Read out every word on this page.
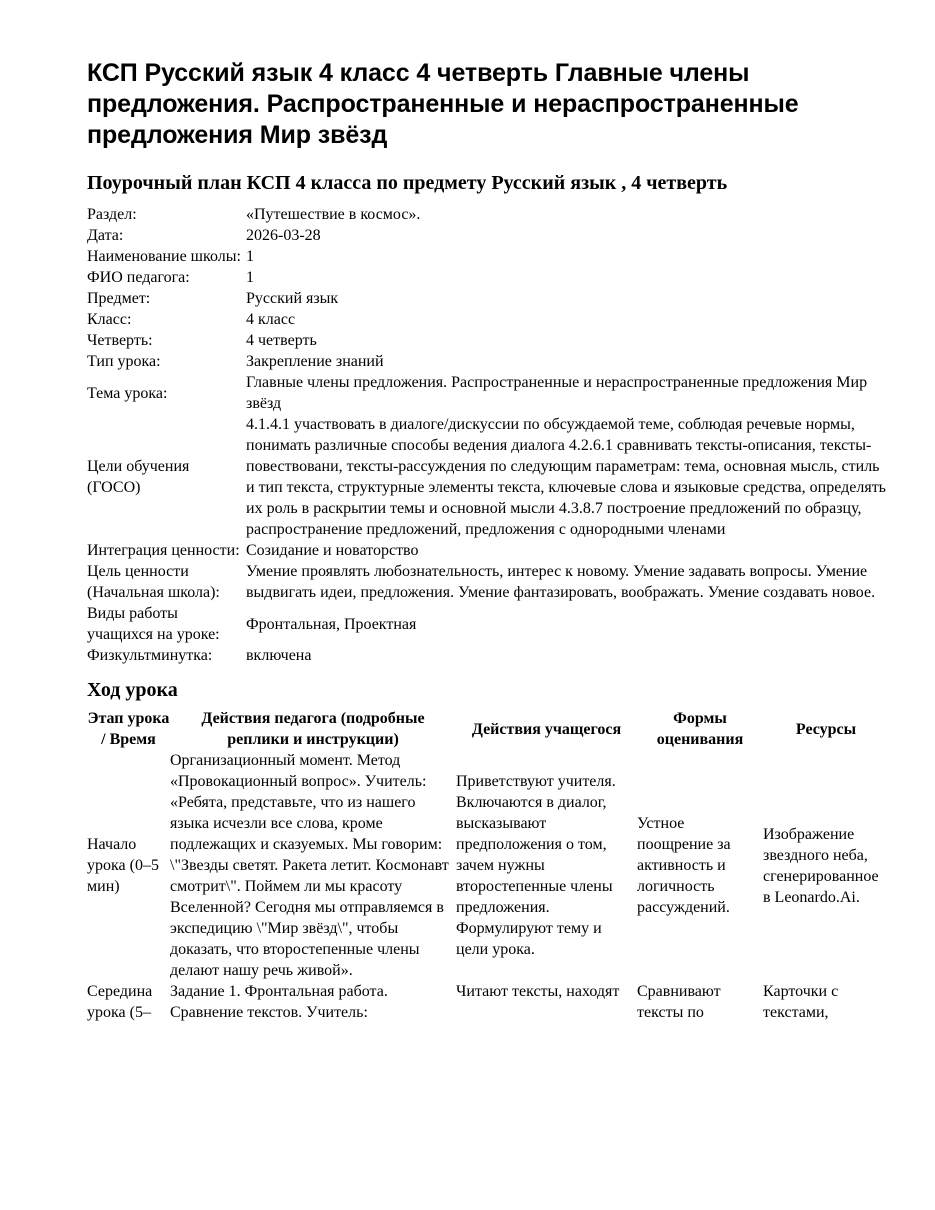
КСП Русский язык 4 класс 4 четверть Главные члены предложения. Распространенные и нераспространенные предложения Мир звёзд
Поурочный план КСП 4 класса по предмету Русский язык , 4 четверть
Раздел:	«Путешествие в космос».
Дата:	2026-03-28
Наименование школы:	1
ФИО педагога:	1
Предмет:	Русский язык
Класс:	4 класс
Четверть:	4 четверть
Тип урока:	Закрепление знаний
Тема урока:	Главные члены предложения. Распространенные и нераспространенные предложения Мир звёзд
Цели обучения (ГОСО)	4.1.4.1 участвовать в диалоге/дискуссии по обсуждаемой теме, соблюдая речевые нормы, понимать различные способы ведения диалога 4.2.6.1 сравнивать тексты-описания, тексты-повествовани, тексты-рассуждения по следующим параметрам: тема, основная мысль, стиль и тип текста, структурные элементы текста, ключевые слова и языковые средства, определять их роль в раскрытии темы и основной мысли 4.3.8.7 построение предложений по образцу, распространение предложений, предложения с однородными членами
Интеграция ценности:	Созидание и новаторство
Цель ценности (Начальная школа):	Умение проявлять любознательность, интерес к новому. Умение задавать вопросы. Умение выдвигать идеи, предложения. Умение фантазировать, воображать. Умение создавать новое.
Виды работы учащихся на уроке:	Фронтальная, Проектная
Физкультминутка:	включена
Ход урока
Этап урока / Время	Действия педагога (подробные реплики и инструкции)	Действия учащегося	Формы оценивания	Ресурсы
Начало урока (0–5 мин)	Организационный момент. Метод «Провокационный вопрос». Учитель: «Ребята, представьте, что из нашего языка исчезли все слова, кроме подлежащих и сказуемых. Мы говорим: \"Звезды светят. Ракета летит. Космонавт смотрит\". Поймем ли мы красоту Вселенной? Сегодня мы отправляемся в экспедицию \"Мир звёзд\", чтобы доказать, что второстепенные члены делают нашу речь живой».	Приветствуют учителя. Включаются в диалог, высказывают предположения о том, зачем нужны второстепенные члены предложения. Формулируют тему и цели урока.	Устное поощрение за активность и логичность рассуждений.	Изображение звездного неба, сгенерированное в Leonardo.Ai.
Середина урока (5–	Задание 1. Фронтальная работа. Сравнение текстов. Учитель:	Читают тексты, находят	Сравнивают тексты по	Карточки с текстами,
